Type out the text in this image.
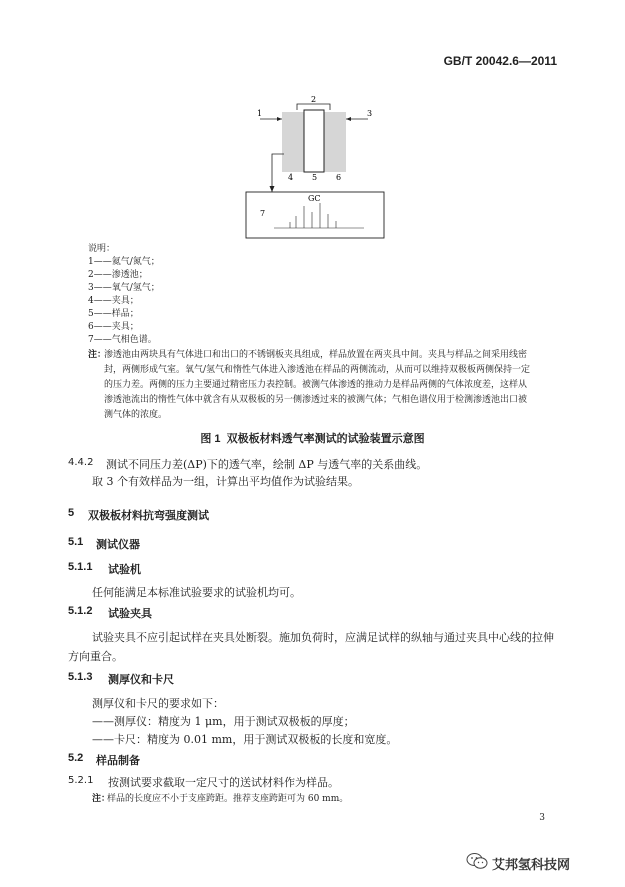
GB/T 20042.6—2011
1
2
3
4 5 6
7
GC
说明：
1——氦气/氮气；
2——渗透池；
3——氧气/氢气；
4——夹具；
5——样品；
6——夹具；
7——气相色谱。
注：
渗透池由两块具有气体进口和出口的不锈钢板夹具组成，样品放置在两夹具中间。夹具与样品之间采用线密
封，两侧形成气室。氧气/氢气和惰性气体进入渗透池在样品的两侧流动，从而可以维持双极板两侧保持一定
的压力差。两侧的压力主要通过精密压力表控制。被测气体渗透的推动力是样品两侧的气体浓度差，这样从
渗透池流出的惰性气体中就含有从双极板的另一侧渗透过来的被测气体；气相色谱仪用于检测渗透池出口被
测气体的浓度。
图 1  双极板材料透气率测试的试验装置示意图
4.4.2 测试不同压力差(ΔP)下的透气率，绘制 ΔP 与透气率的关系曲线。
取 3 个有效样品为一组，计算出平均值作为试验结果。
5 双极板材料抗弯强度测试
5.1 测试仪器
5.1.1 试验机
任何能满足本标准试验要求的试验机均可。
5.1.2 试验夹具
试验夹具不应引起试样在夹具处断裂。施加负荷时，应满足试样的纵轴与通过夹具中心线的拉伸
方向重合。
5.1.3 测厚仪和卡尺
测厚仪和卡尺的要求如下：
——测厚仪：精度为 1 μm，用于测试双极板的厚度；
——卡尺：精度为 0.01 mm，用于测试双极板的长度和宽度。
5.2 样品制备
5.2.1 按测试要求截取一定尺寸的送试材料作为样品。
注：
样品的长度应不小于支座跨距。推荐支座跨距可为 60 mm。
3
艾邦氢科技网
